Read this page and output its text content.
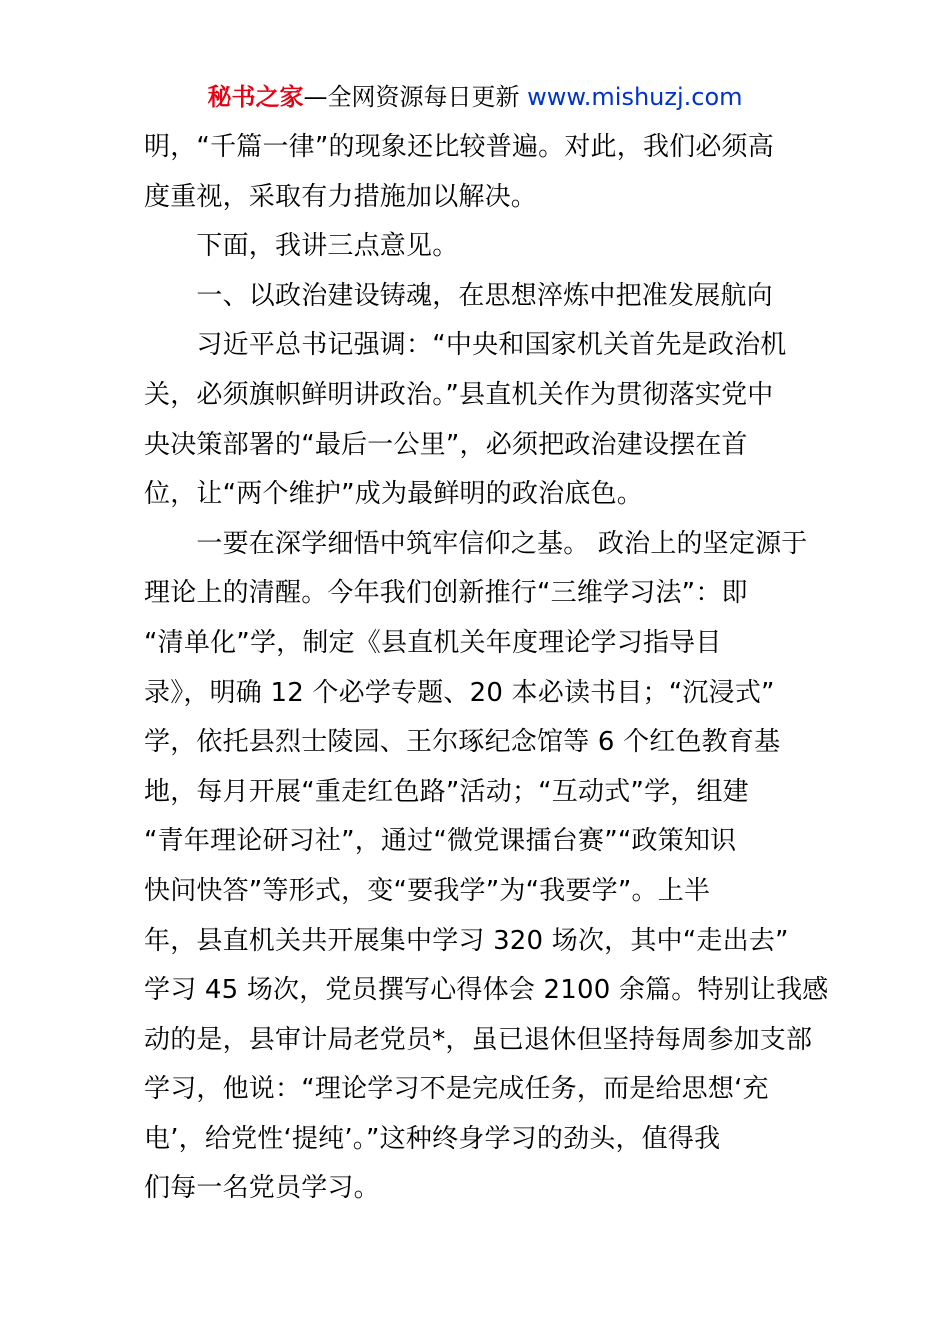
秘书之家—全网资源每日更新 www.mishuzj.com
明，“千篇一律”的现象还比较普遍。对此，我们必须高
度重视，采取有力措施加以解决。
　　下面，我讲三点意见。
　　一、以政治建设铸魂，在思想淬炼中把准发展航向
　　习近平总书记强调：“中央和国家机关首先是政治机
关，必须旗帜鲜明讲政治。”县直机关作为贯彻落实党中
央决策部署的“最后一公里”，必须把政治建设摆在首
位，让“两个维护”成为最鲜明的政治底色。
　　一要在深学细悟中筑牢信仰之基。 政治上的坚定源于
理论上的清醒。今年我们创新推行“三维学习法”：即
“清单化”学，制定《县直机关年度理论学习指导目
录》，明确 12 个必学专题、20 本必读书目；“沉浸式”
学，依托县烈士陵园、王尔琢纪念馆等 6 个红色教育基
地，每月开展“重走红色路”活动；“互动式”学，组建
“青年理论研习社”，通过“微党课擂台赛”“政策知识
快问快答”等形式，变“要我学”为“我要学”。上半
年，县直机关共开展集中学习 320 场次，其中“走出去”
学习 45 场次，党员撰写心得体会 2100 余篇。特别让我感
动的是，县审计局老党员*，虽已退休但坚持每周参加支部
学习，他说：“理论学习不是完成任务，而是给思想‘充
电’，给党性‘提纯’。”这种终身学习的劲头，值得我
们每一名党员学习。
